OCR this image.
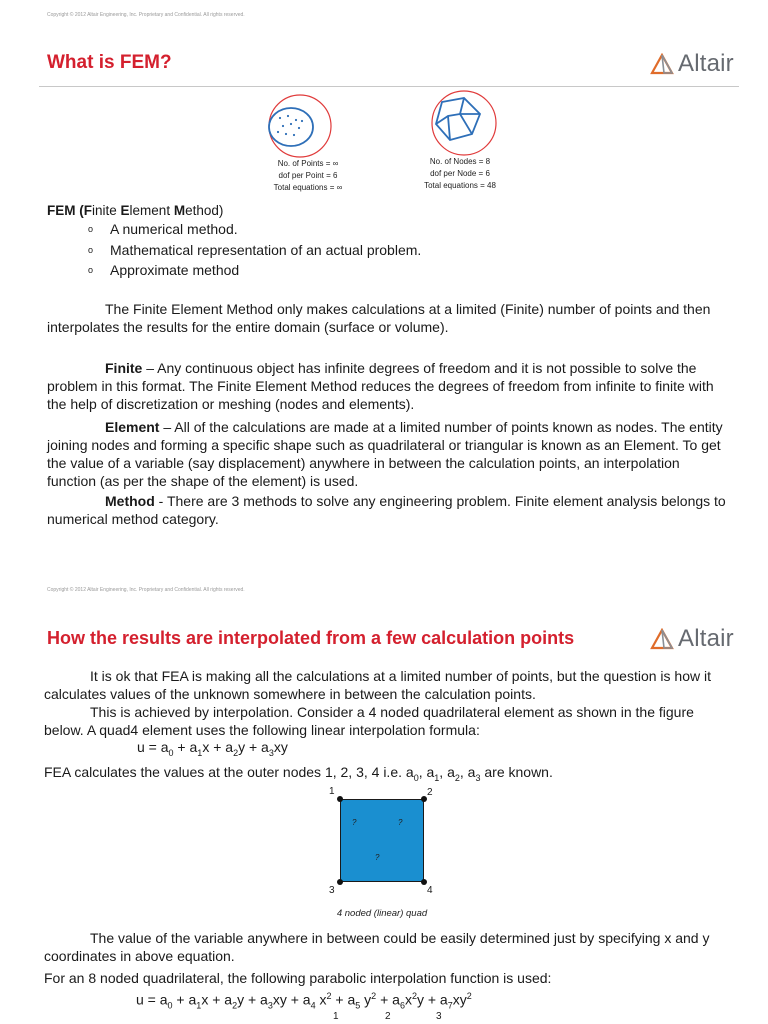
Copyright © 2012 Altair Engineering, Inc. Proprietary and Confidential. All rights reserved.
What is FEM?	Altair
No. of Points = ∞
dof per Point = 6
Total equations = ∞
No. of Nodes = 8
dof per Node = 6
Total equations = 48
FEM (Finite Element Method)
o	A numerical method.
o	Mathematical representation of an actual problem.
o	Approximate method
The Finite Element Method only makes calculations at a limited (Finite) number of points and then interpolates the results for the entire domain (surface or volume).
Finite – Any continuous object has infinite degrees of freedom and it is not possible to solve the problem in this format. The Finite Element Method reduces the degrees of freedom from infinite to finite with the help of discretization or meshing (nodes and elements).
Element – All of the calculations are made at a limited number of points known as nodes. The entity joining nodes and forming a specific shape such as quadrilateral or triangular is known as an Element. To get the value of a variable (say displacement) anywhere in between the calculation points, an interpolation function (as per the shape of the element) is used.
Method - There are 3 methods to solve any engineering problem. Finite element analysis belongs to numerical method category.
Copyright © 2012 Altair Engineering, Inc. Proprietary and Confidential. All rights reserved.
How the results are interpolated from a few calculation points	Altair
It is ok that FEA is making all the calculations at a limited number of points, but the question is how it calculates values of the unknown somewhere in between the calculation points.
This is achieved by interpolation. Consider a 4 noded quadrilateral element as shown in the figure below. A quad4 element uses the following linear interpolation formula:
$u = a_0 + a_1x + a_2y + a_3xy$
FEA calculates the values at the outer nodes 1, 2, 3, 4 i.e. $a_0$, $a_1$, $a_2$, $a_3$ are known.
1	2
3	4
?	?
?
4 noded (linear) quad
The value of the variable anywhere in between could be easily determined just by specifying x and y coordinates in above equation.
For an 8 noded quadrilateral, the following parabolic interpolation function is used:
$u = a_0 + a_1x + a_2y + a_3xy + a_4$ $x^2 + a_5$ $y^2 + a_6x^2y + a_7xy^2$
1	2	3
